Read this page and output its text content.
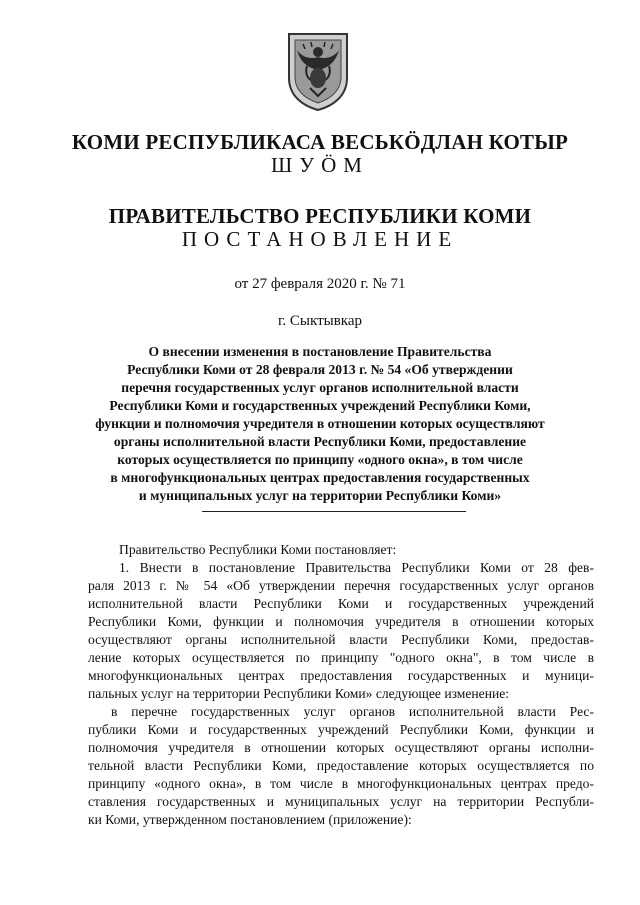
КОМИ РЕСПУБЛИКАСА ВЕСЬКӦДЛАН КОТЫР
ШУӦМ
ПРАВИТЕЛЬСТВО РЕСПУБЛИКИ КОМИ
ПОСТАНОВЛЕНИЕ
от 27 февраля 2020 г. № 71
г. Сыктывкар
О внесении изменения в постановление Правительства
Республики Коми от 28 февраля 2013 г. № 54 «Об утверждении
перечня государственных услуг органов исполнительной власти
Республики Коми и государственных учреждений Республики Коми,
функции и полномочия учредителя в отношении которых осуществляют
органы исполнительной власти Республики Коми, предоставление
которых осуществляется по принципу «одного окна», в том числе
в многофункциональных центрах предоставления государственных
и муниципальных услуг на территории Республики Коми»
Правительство Республики Коми постановляет:
1. Внести в постановление Правительства Республики Коми от 28 фев-
раля 2013 г. № 54 «Об утверждении перечня государственных услуг органов
исполнительной власти Республики Коми и государственных учреждений
Республики Коми, функции и полномочия учредителя в отношении которых
осуществляют органы исполнительной власти Республики Коми, предостав-
ление которых осуществляется по принципу "одного окна", в том числе в
многофункциональных центрах предоставления государственных и муници-
пальных услуг на территории Республики Коми» следующее изменение:
в перечне государственных услуг органов исполнительной власти Рес-
публики Коми и государственных учреждений Республики Коми, функции и
полномочия учредителя в отношении которых осуществляют органы исполни-
тельной власти Республики Коми, предоставление которых осуществляется по
принципу «одного окна», в том числе в многофункциональных центрах предо-
ставления государственных и муниципальных услуг на территории Республи-
ки Коми, утвержденном постановлением (приложение):
